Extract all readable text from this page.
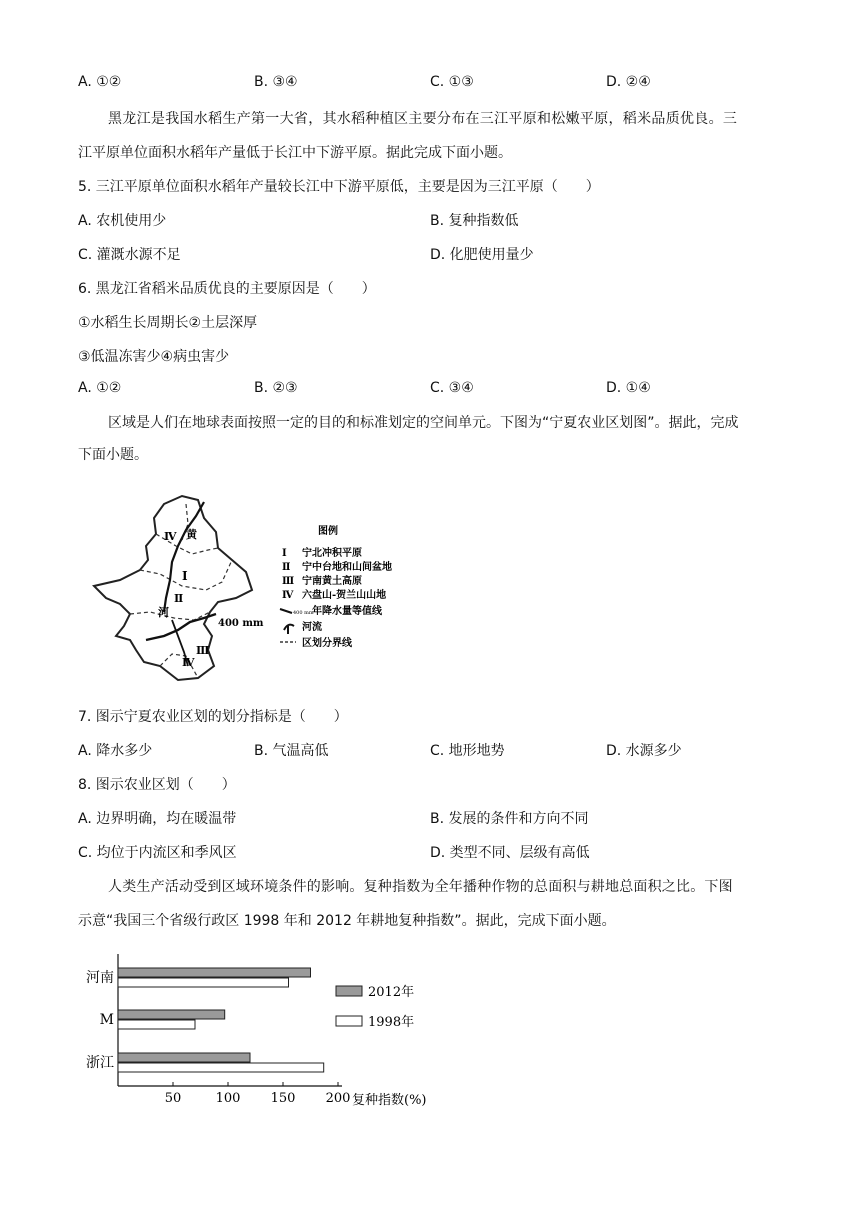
A. ①②	B. ③④	C. ①③	D. ②④
黑龙江是我国水稻生产第一大省，其水稻种植区主要分布在三江平原和松嫩平原，稻米品质优良。三
江平原单位面积水稻年产量低于长江中下游平原。据此完成下面小题。
5. 三江平原单位面积水稻年产量较长江中下游平原低，主要是因为三江平原（　　）
A. 农机使用少	B. 复种指数低
C. 灌溉水源不足	D. 化肥使用量少
6. 黑龙江省稻米品质优良的主要原因是（　　）
①水稻生长周期长②土层深厚
③低温冻害少④病虫害少
A. ①②	B. ②③	C. ③④	D. ①④
区域是人们在地球表面按照一定的目的和标准划定的空间单元。下图为“宁夏农业区划图”。据此，完成
下面小题。
Ⅳ 黄
Ⅰ
Ⅱ
河
400 mm
Ⅲ
Ⅳ
图例
Ⅰ 宁北冲积平原
Ⅱ 宁中台地和山间盆地
Ⅲ 宁南黄土高原
Ⅳ 六盘山-贺兰山山地
400 mm
年降水量等值线
河流
区划分界线
7. 图示宁夏农业区划的划分指标是（　　）
A. 降水多少	B. 气温高低	C. 地形地势	D. 水源多少
8. 图示农业区划（　　）
A. 边界明确，均在暖温带	B. 发展的条件和方向不同
C. 均位于内流区和季风区	D. 类型不同、层级有高低
人类生产活动受到区域环境条件的影响。复种指数为全年播种作物的总面积与耕地总面积之比。下图
示意“我国三个省级行政区 1998 年和 2012 年耕地复种指数”。据此，完成下面小题。
50	100 150 200
河南
M
浙江
2012年
1998年
复种指数(%)
